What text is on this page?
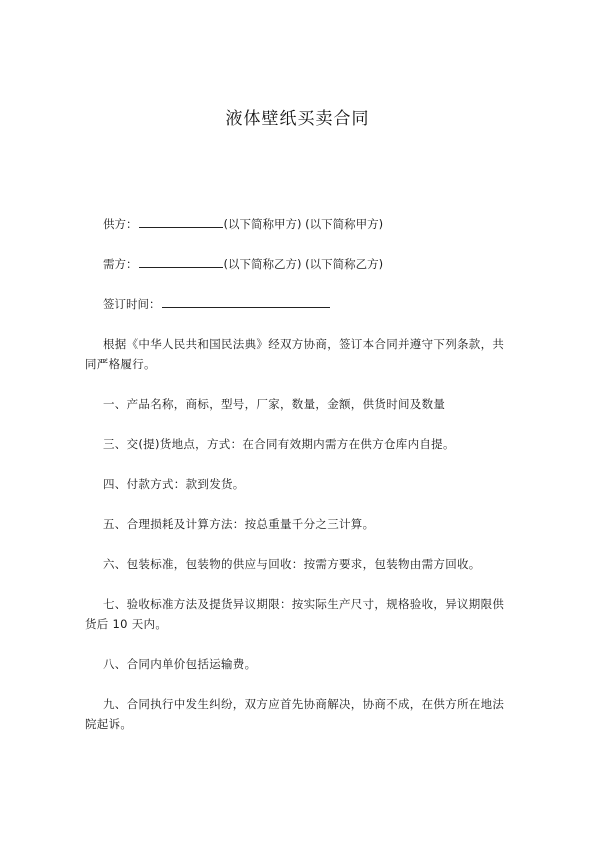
液体壁纸买卖合同
供方：	(以下简称甲方) (以下简称甲方)
需方：	(以下简称乙方) (以下简称乙方)
签订时间：
根据《中华人民共和国民法典》经双方协商，签订本合同并遵守下列条款，共同严格履行。
一、产品名称，商标，型号，厂家，数量，金额，供货时间及数量
三、交(提)货地点，方式：在合同有效期内需方在供方仓库内自提。
四、付款方式：款到发货。
五、合理损耗及计算方法：按总重量千分之三计算。
六、包装标准，包装物的供应与回收：按需方要求，包装物由需方回收。
七、验收标准方法及提货异议期限：按实际生产尺寸，规格验收，异议期限供货后 10 天内。
八、合同内单价包括运输费。
九、合同执行中发生纠纷，双方应首先协商解决，协商不成，在供方所在地法院起诉。
